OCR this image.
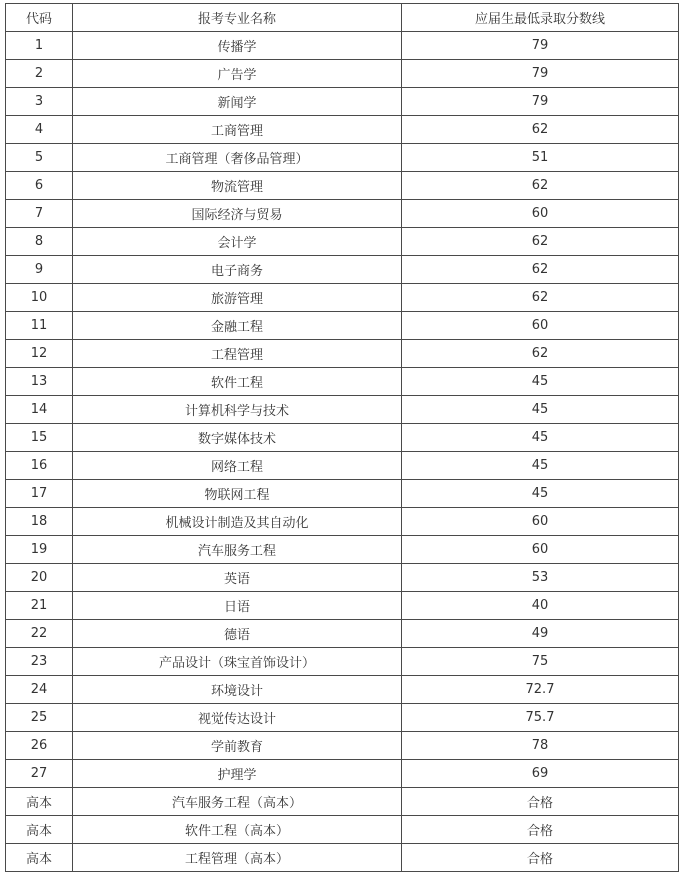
代码	报考专业名称	应届生最低录取分数线
1	传播学	79
2	广告学	79
3	新闻学	79
4	工商管理	62
5	工商管理（奢侈品管理）	51
6	物流管理	62
7	国际经济与贸易	60
8	会计学	62
9	电子商务	62
10	旅游管理	62
11	金融工程	60
12	工程管理	62
13	软件工程	45
14	计算机科学与技术	45
15	数字媒体技术	45
16	网络工程	45
17	物联网工程	45
18	机械设计制造及其自动化	60
19	汽车服务工程	60
20	英语	53
21	日语	40
22	德语	49
23	产品设计（珠宝首饰设计）	75
24	环境设计	72.7
25	视觉传达设计	75.7
26	学前教育	78
27	护理学	69
高本	汽车服务工程（高本）	合格
高本	软件工程（高本）	合格
高本	工程管理（高本）	合格
